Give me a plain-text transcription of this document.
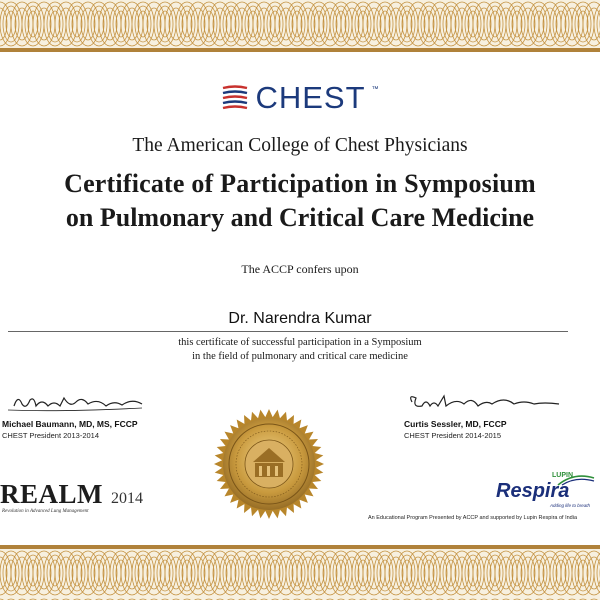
CHEST ™
The American College of Chest Physicians
Certificate of Participation in Symposium
on Pulmonary and Critical Care Medicine
The ACCP confers upon
Dr. Narendra Kumar
this certificate of successful participation in a Symposium
in the field of pulmonary and critical care medicine
Michael Baumann, MD, MS, FCCP
CHEST President 2013-2014
Curtis Sessler, MD, FCCP
CHEST President 2014-2015
REALM 2014
Revolution in Advanced Lung Management
LUPIN
Respira
Adding life to breath
An Educational Program Presented by ACCP and supported by Lupin Respira of India
